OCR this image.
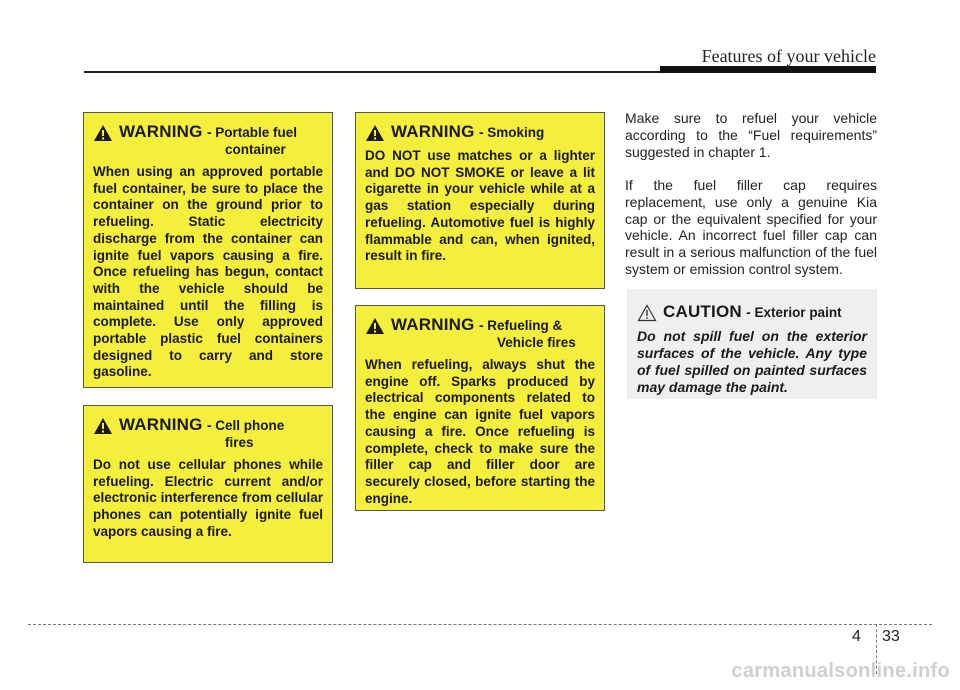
Features of your vehicle
WARNING - Portable fuel
container

When using an approved portable fuel container, be sure to place the container on the ground prior to refueling. Static electricity discharge from the container can ignite fuel vapors causing a fire. Once refueling has begun, contact with the vehicle should be maintained until the filling is complete. Use only approved portable plastic fuel containers designed to carry and store gasoline.

WARNING - Cell phone
fires

Do not use cellular phones while refueling. Electric current and/or electronic interference from cellular phones can potentially ignite fuel vapors causing a fire.

WARNING - Smoking

DO NOT use matches or a lighter and DO NOT SMOKE or leave a lit cigarette in your vehicle while at a gas station especially during refueling. Automotive fuel is highly flammable and can, when ignited, result in fire.

WARNING - Refueling &
Vehicle fires

When refueling, always shut the engine off. Sparks produced by electrical components related to the engine can ignite fuel vapors causing a fire. Once refueling is complete, check to make sure the filler cap and filler door are securely closed, before starting the engine.

Make sure to refuel your vehicle according to the “Fuel requirements” suggested in chapter 1.

If the fuel filler cap requires replacement, use only a genuine Kia cap or the equivalent specified for your vehicle. An incorrect fuel filler cap can result in a serious malfunction of the fuel system or emission control system.

CAUTION - Exterior paint

Do not spill fuel on the exterior surfaces of the vehicle. Any type of fuel spilled on painted surfaces may damage the paint.

4 33
carmanualsonline.info
